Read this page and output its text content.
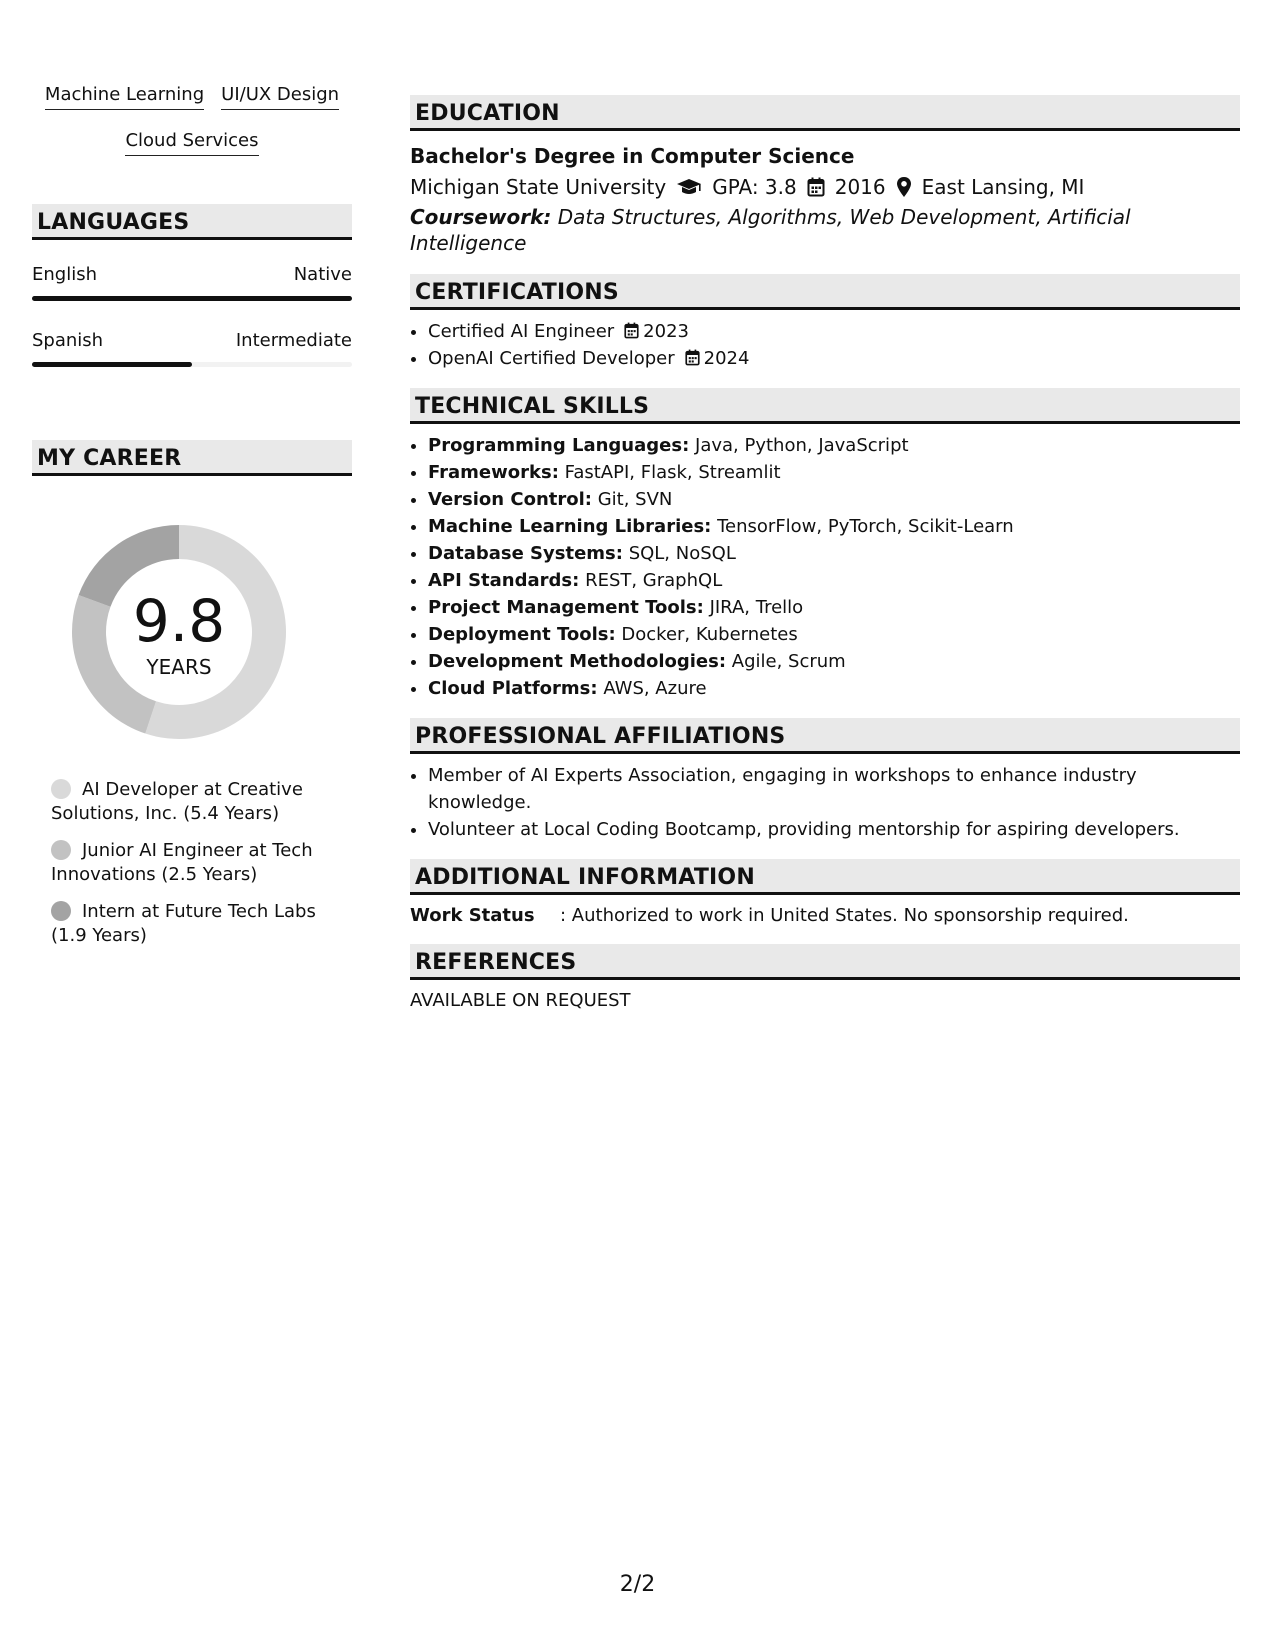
Machine Learning UI/UX Design
Cloud Services
LANGUAGES
English	Native
Spanish	Intermediate
MY CAREER
9.8
YEARS
AI Developer at Creative Solutions, Inc. (5.4 Years)
Junior AI Engineer at Tech Innovations (2.5 Years)
Intern at Future Tech Labs (1.9 Years)
EDUCATION
Bachelor's Degree in Computer Science
Michigan State University GPA: 3.8 2016 East Lansing, MI
Coursework: Data Structures, Algorithms, Web Development, Artificial Intelligence
CERTIFICATIONS
• Certified AI Engineer 2023
• OpenAI Certified Developer 2024
TECHNICAL SKILLS
• Programming Languages: Java, Python, JavaScript
• Frameworks: FastAPI, Flask, Streamlit
• Version Control: Git, SVN
• Machine Learning Libraries: TensorFlow, PyTorch, Scikit-Learn
• Database Systems: SQL, NoSQL
• API Standards: REST, GraphQL
• Project Management Tools: JIRA, Trello
• Deployment Tools: Docker, Kubernetes
• Development Methodologies: Agile, Scrum
• Cloud Platforms: AWS, Azure
PROFESSIONAL AFFILIATIONS
• Member of AI Experts Association, engaging in workshops to enhance industry knowledge.
• Volunteer at Local Coding Bootcamp, providing mentorship for aspiring developers.
ADDITIONAL INFORMATION
Work Status	: Authorized to work in United States. No sponsorship required.
REFERENCES
AVAILABLE ON REQUEST
2/2
